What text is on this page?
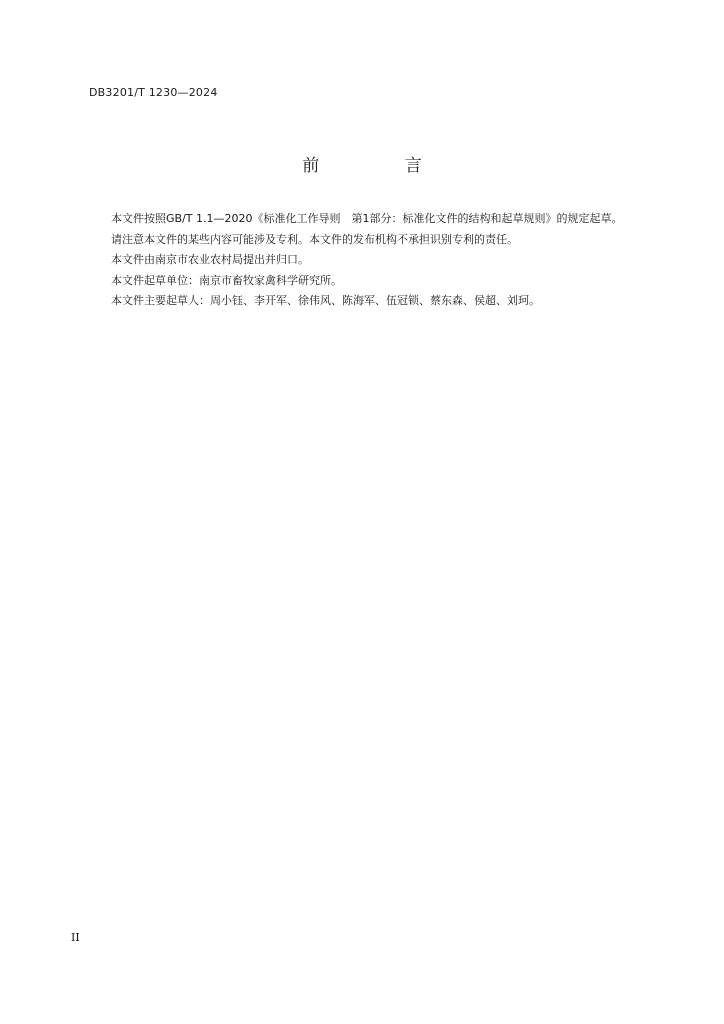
DB3201/T 1230—2024
前 言

本文件按照GB/T 1.1—2020《标准化工作导则　第1部分：标准化文件的结构和起草规则》的规定起草。

请注意本文件的某些内容可能涉及专利。本文件的发布机构不承担识别专利的责任。

本文件由南京市农业农村局提出并归口。

本文件起草单位：南京市畜牧家禽科学研究所。

本文件主要起草人：周小钰、李开军、徐伟风、陈海军、伍冠锁、蔡东森、侯超、刘珂。

II
